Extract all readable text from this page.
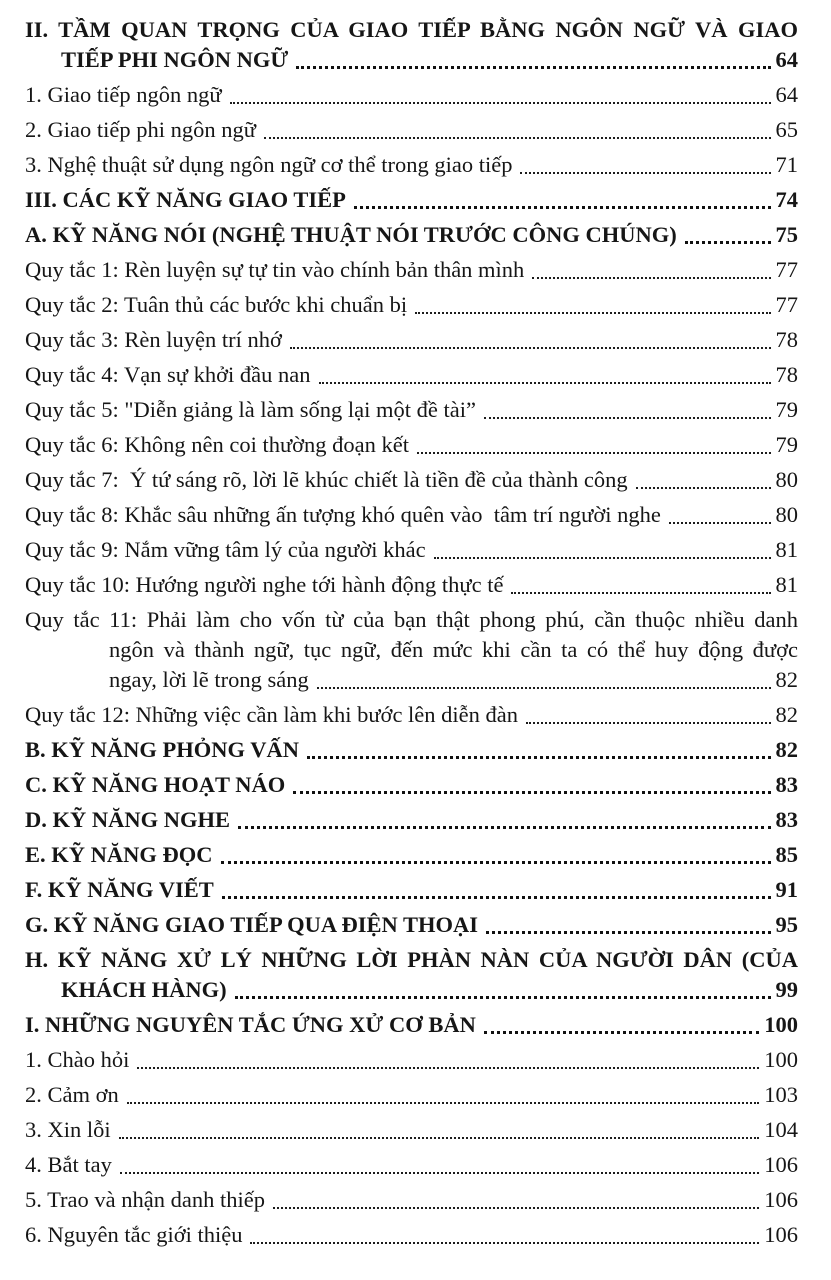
II. TẦM QUAN TRỌNG CỦA GIAO TIẾP BẰNG NGÔN NGỮ VÀ GIAO
TIẾP PHI NGÔN NGỮ	64
1. Giao tiếp ngôn ngữ	64
2. Giao tiếp phi ngôn ngữ	65
3. Nghệ thuật sử dụng ngôn ngữ cơ thể trong giao tiếp	71
III. CÁC KỸ NĂNG GIAO TIẾP	74
A. KỸ NĂNG NÓI (NGHỆ THUẬT NÓI TRƯỚC CÔNG CHÚNG)	75
Quy tắc 1: Rèn luyện sự tự tin vào chính bản thân mình	77
Quy tắc 2: Tuân thủ các bước khi chuẩn bị	77
Quy tắc 3: Rèn luyện trí nhớ	78
Quy tắc 4: Vạn sự khởi đầu nan	78
Quy tắc 5: "Diễn giảng là làm sống lại một đề tài”	79
Quy tắc 6: Không nên coi thường đoạn kết	79
Quy tắc 7:  Ý tứ sáng rõ, lời lẽ khúc chiết là tiền đề của thành công	80
Quy tắc 8: Khắc sâu những ấn tượng khó quên vào  tâm trí người nghe	80
Quy tắc 9: Nắm vững tâm lý của người khác	81
Quy tắc 10: Hướng người nghe tới hành động thực tế	81
Quy tắc 11: Phải làm cho vốn từ của bạn thật phong phú, cần thuộc nhiều danh
ngôn và thành ngữ, tục ngữ, đến mức khi cần ta có thể huy động được
ngay, lời lẽ trong sáng	82
Quy tắc 12: Những việc cần làm khi bước lên diễn đàn	82
B. KỸ NĂNG PHỎNG VẤN	82
C. KỸ NĂNG HOẠT NÁO	83
D. KỸ NĂNG NGHE	83
E. KỸ NĂNG ĐỌC	85
F. KỸ NĂNG VIẾT	91
G. KỸ NĂNG GIAO TIẾP QUA ĐIỆN THOẠI	95
H. KỸ NĂNG XỬ LÝ NHỮNG LỜI PHÀN NÀN CỦA NGƯỜI DÂN (CỦA
KHÁCH HÀNG)	99
I. NHỮNG NGUYÊN TẮC ỨNG XỬ CƠ BẢN	100
1. Chào hỏi	100
2. Cảm ơn	103
3. Xin lỗi	104
4. Bắt tay	106
5. Trao và nhận danh thiếp	106
6. Nguyên tắc giới thiệu	106
